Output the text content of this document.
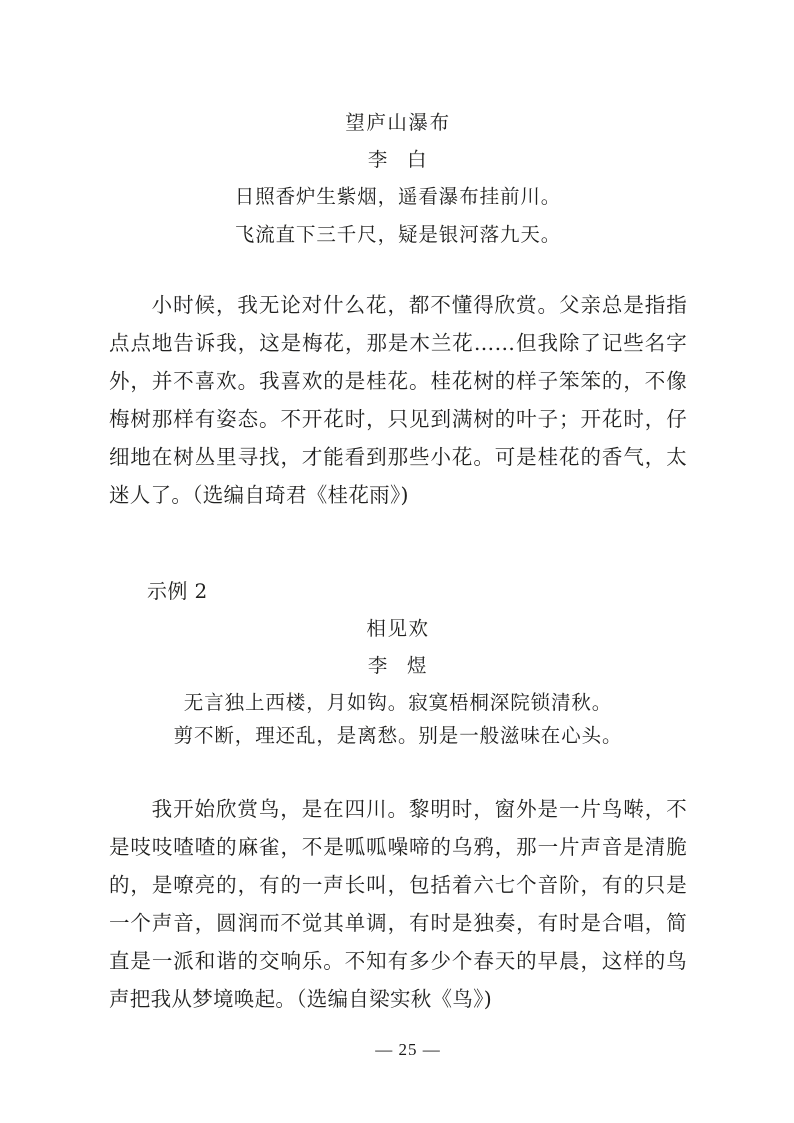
望庐山瀑布
李 白
日照香炉生紫烟，遥看瀑布挂前川。
飞流直下三千尺，疑是银河落九天。
小时候，我无论对什么花，都不懂得欣赏。父亲总是指指点点地告诉我，这是梅花，那是木兰花……但我除了记些名字外，并不喜欢。我喜欢的是桂花。桂花树的样子笨笨的，不像梅树那样有姿态。不开花时，只见到满树的叶子；开花时，仔细地在树丛里寻找，才能看到那些小花。可是桂花的香气，太迷人了。（选编自琦君《桂花雨》)
示例 2
相见欢
李 煜
无言独上西楼，月如钩。寂寞梧桐深院锁清秋。
剪不断，理还乱，是离愁。别是一般滋味在心头。
我开始欣赏鸟，是在四川。黎明时，窗外是一片鸟啭，不是吱吱喳喳的麻雀，不是呱呱噪啼的乌鸦，那一片声音是清脆的，是嘹亮的，有的一声长叫，包括着六七个音阶，有的只是一个声音，圆润而不觉其单调，有时是独奏，有时是合唱，简直是一派和谐的交响乐。不知有多少个春天的早晨，这样的鸟声把我从梦境唤起。（选编自梁实秋《鸟》)
— 25 —
